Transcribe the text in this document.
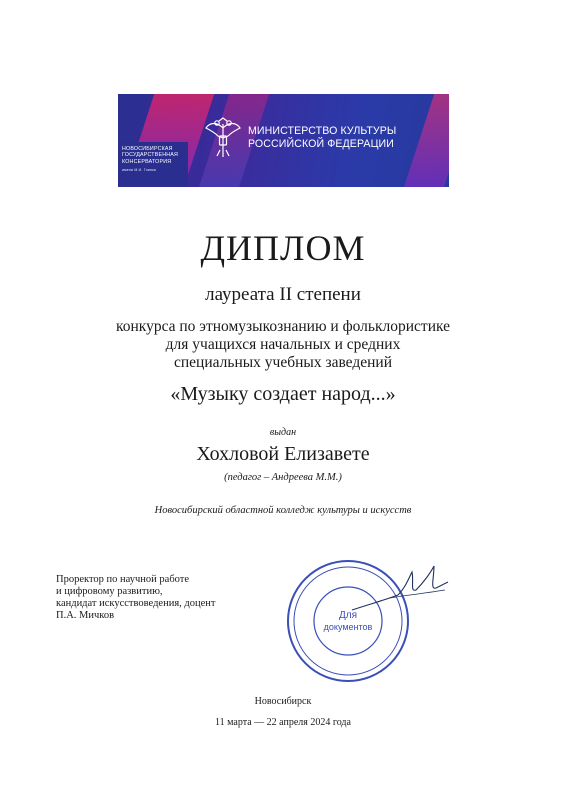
НОВОСИБИРСКАЯ
ГОСУДАРСТВЕННАЯ
КОНСЕРВАТОРИЯ
имени М.И. Глинки
МИНИСТЕРСТВО КУЛЬТУРЫ
РОССИЙСКОЙ ФЕДЕРАЦИИ
ДИПЛОМ
лауреата II степени
конкурса по этномузыкознанию и фольклористике
для учащихся начальных и средних
специальных учебных заведений
«Музыку создает народ...»
выдан
Хохловой Елизавете
(педагог – Андреева М.М.)
Новосибирский областной колледж культуры и искусств
Проректор по научной работе
и цифровому развитию,
кандидат искусствоведения, доцент
П.А. Мичков	Для
документов
Новосибирск
11 марта — 22 апреля 2024 года
